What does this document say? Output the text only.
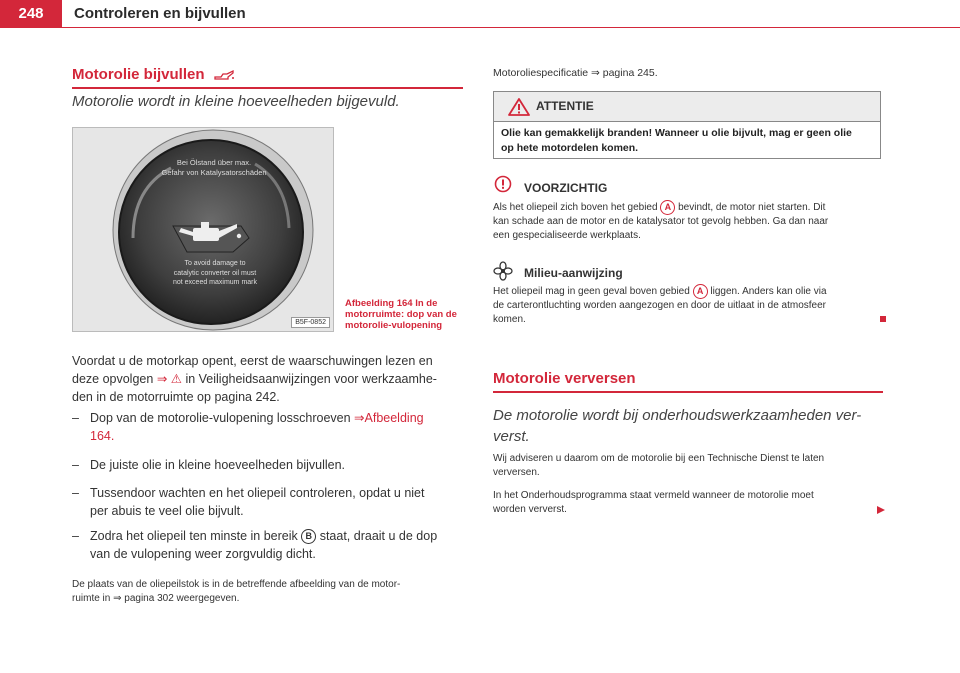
248	Controleren en bijvullen
Motorolie bijvullen
Motorolie wordt in kleine hoeveelheden bijgevuld.
Bei Ölstand über max.
Gefahr von Katalysatorschäden
To avoid damage to
catalytic converter oil must
not exceed maximum mark
B5F-0852
Afbeelding 164 In de motorruimte: dop van de motorolie-vulopening
Voordat u de motorkap opent, eerst de waarschuwingen lezen en
deze opvolgen ⇒ ⚠ in Veiligheidsaanwijzingen voor werkzaamhe-
den in de motorruimte op pagina 242.
– Dop van de motorolie-vulopening losschroeven ⇒Afbeelding
164.
– De juiste olie in kleine hoeveelheden bijvullen.
– Tussendoor wachten en het oliepeil controleren, opdat u niet
per abuis te veel olie bijvult.
– Zodra het oliepeil ten minste in bereik B staat, draait u de dop
van de vulopening weer zorgvuldig dicht.
De plaats van de oliepeilstok is in de betreffende afbeelding van de motor-
ruimte in ⇒ pagina 302 weergegeven.
Motoroliespecificatie ⇒ pagina 245.
ATTENTIE
Olie kan gemakkelijk branden! Wanneer u olie bijvult, mag er geen olie
op hete motordelen komen.
VOORZICHTIG
Als het oliepeil zich boven het gebied A bevindt, de motor niet starten. Dit
kan schade aan de motor en de katalysator tot gevolg hebben. Ga dan naar
een gespecialiseerde werkplaats.
Milieu-aanwijzing
Het oliepeil mag in geen geval boven gebied A liggen. Anders kan olie via
de carterontluchting worden aangezogen en door de uitlaat in de atmosfeer
komen.
Motorolie verversen
De motorolie wordt bij onderhoudswerkzaamheden ver-
verst.
Wij adviseren u daarom om de motorolie bij een Technische Dienst te laten
verversen.
In het Onderhoudsprogramma staat vermeld wanneer de motorolie moet
worden ververst.
